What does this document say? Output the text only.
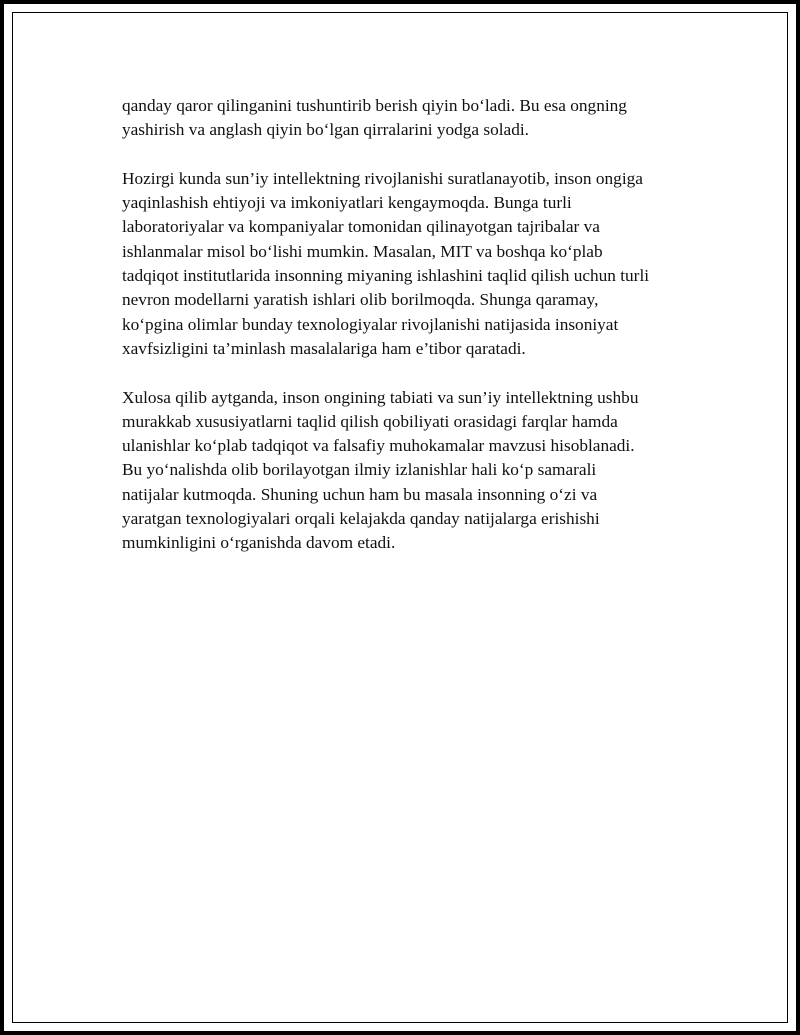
qanday qaror qilinganini tushuntirib berish qiyin bo‘ladi. Bu esa ongning
yashirish va anglash qiyin bo‘lgan qirralarini yodga soladi.

Hozirgi kunda sun’iy intellektning rivojlanishi suratlanayotib, inson ongiga
yaqinlashish ehtiyoji va imkoniyatlari kengaymoqda. Bunga turli
laboratoriyalar va kompaniyalar tomonidan qilinayotgan tajribalar va
ishlanmalar misol bo‘lishi mumkin. Masalan, MIT va boshqa ko‘plab
tadqiqot institutlarida insonning miyaning ishlashini taqlid qilish uchun turli
nevron modellarni yaratish ishlari olib borilmoqda. Shunga qaramay,
ko‘pgina olimlar bunday texnologiyalar rivojlanishi natijasida insoniyat
xavfsizligini ta’minlash masalalariga ham e’tibor qaratadi.

Xulosa qilib aytganda, inson ongining tabiati va sun’iy intellektning ushbu
murakkab xususiyatlarni taqlid qilish qobiliyati orasidagi farqlar hamda
ulanishlar ko‘plab tadqiqot va falsafiy muhokamalar mavzusi hisoblanadi.
Bu yo‘nalishda olib borilayotgan ilmiy izlanishlar hali ko‘p samarali
natijalar kutmoqda. Shuning uchun ham bu masala insonning o‘zi va
yaratgan texnologiyalari orqali kelajakda qanday natijalarga erishishi
mumkinligini o‘rganishda davom etadi.
